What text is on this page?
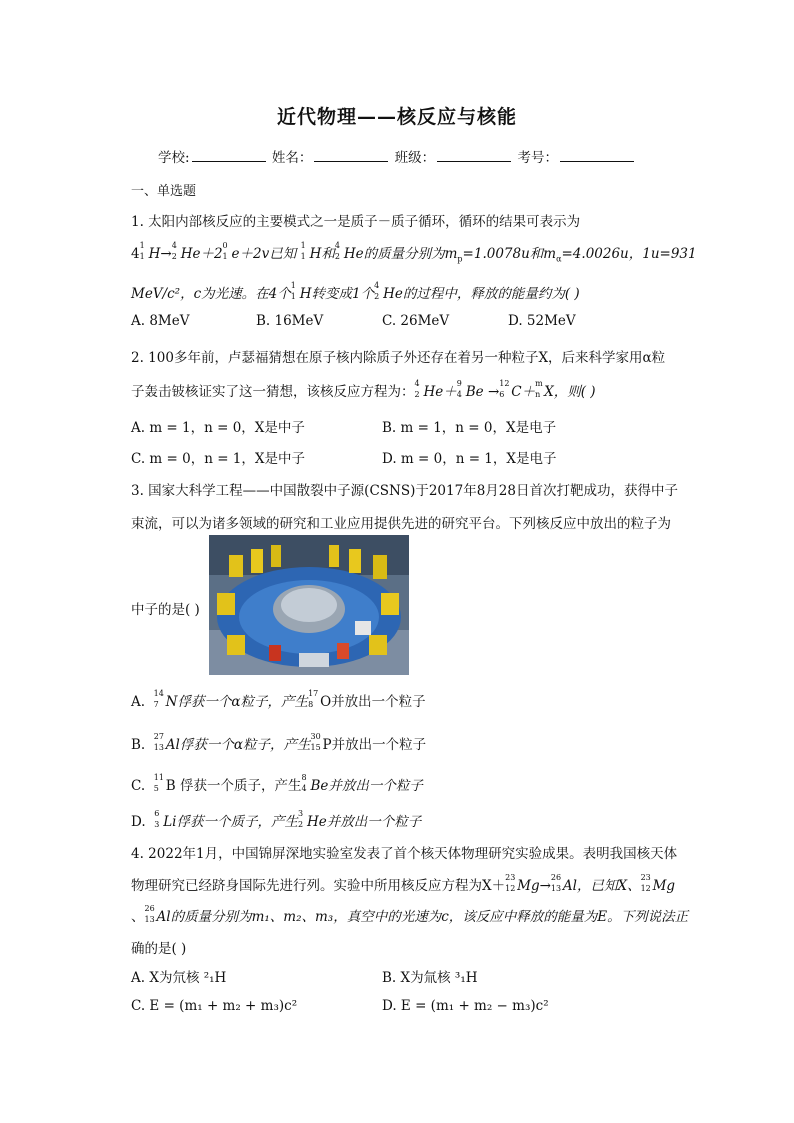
近代物理——核反应与核能
学校:	姓名：	班级：	考号：
一、单选题
1. 太阳内部核反应的主要模式之一是质子－质子循环，循环的结果可表示为
4
1
1 H→
4
2 He＋2
0
1 e＋2v已知
1
1 H和
4
2 He的质量分别为$m_p=1.0078u$和$m_\alpha=4.0026u$，1u=931
MeV/c²，c为光速。在4个
1
1 H转变成1个
4
2 He的过程中，释放的能量约为( )
A. 8MeV	B. 16MeV	C. 26MeV	D. 52MeV
2. 100多年前，卢瑟福猜想在原子核内除质子外还存在着另一种粒子X，后来科学家用α粒
子轰击铍核证实了这一猜想，该核反应方程为：
4
2 He＋
9
4 Be →
12
6 C＋
m
n X，则( )
A. m = 1，n = 0，X是中子	B. m = 1，n = 0，X是电子
C. m = 0，n = 1，X是中子	D. m = 0，n = 1，X是电子
3. 国家大科学工程——中国散裂中子源(CSNS)于2017年8月28日首次打靶成功，获得中子
束流，可以为诸多领域的研究和工业应用提供先进的研究平台。下列核反应中放出的粒子为
中子的是( )
A.
14
7 N俘获一个α粒子，产生
17
8 O并放出一个粒子
B.
27
13 Al俘获一个α粒子，产生
30
15 P并放出一个粒子
C.
11
5 B 俘获一个质子，产生
8
4 Be并放出一个粒子
D.
6
3 Li俘获一个质子，产生
3
2 He并放出一个粒子
4. 2022年1月，中国锦屏深地实验室发表了首个核天体物理研究实验成果。表明我国核天体
物理研究已经跻身国际先进行列。实验中所用核反应方程为X＋
23
12 Mg→
26
13 Al，已知X、
23
12 Mg
、
26
13 Al的质量分别为m₁、m₂、m₃，真空中的光速为c，该反应中释放的能量为E。下列说法正
确的是( )
A. X为氘核 ²₁H	B. X为氚核 ³₁H
C. E = (m₁ + m₂ + m₃)c²	D. E = (m₁ + m₂ − m₃)c²
